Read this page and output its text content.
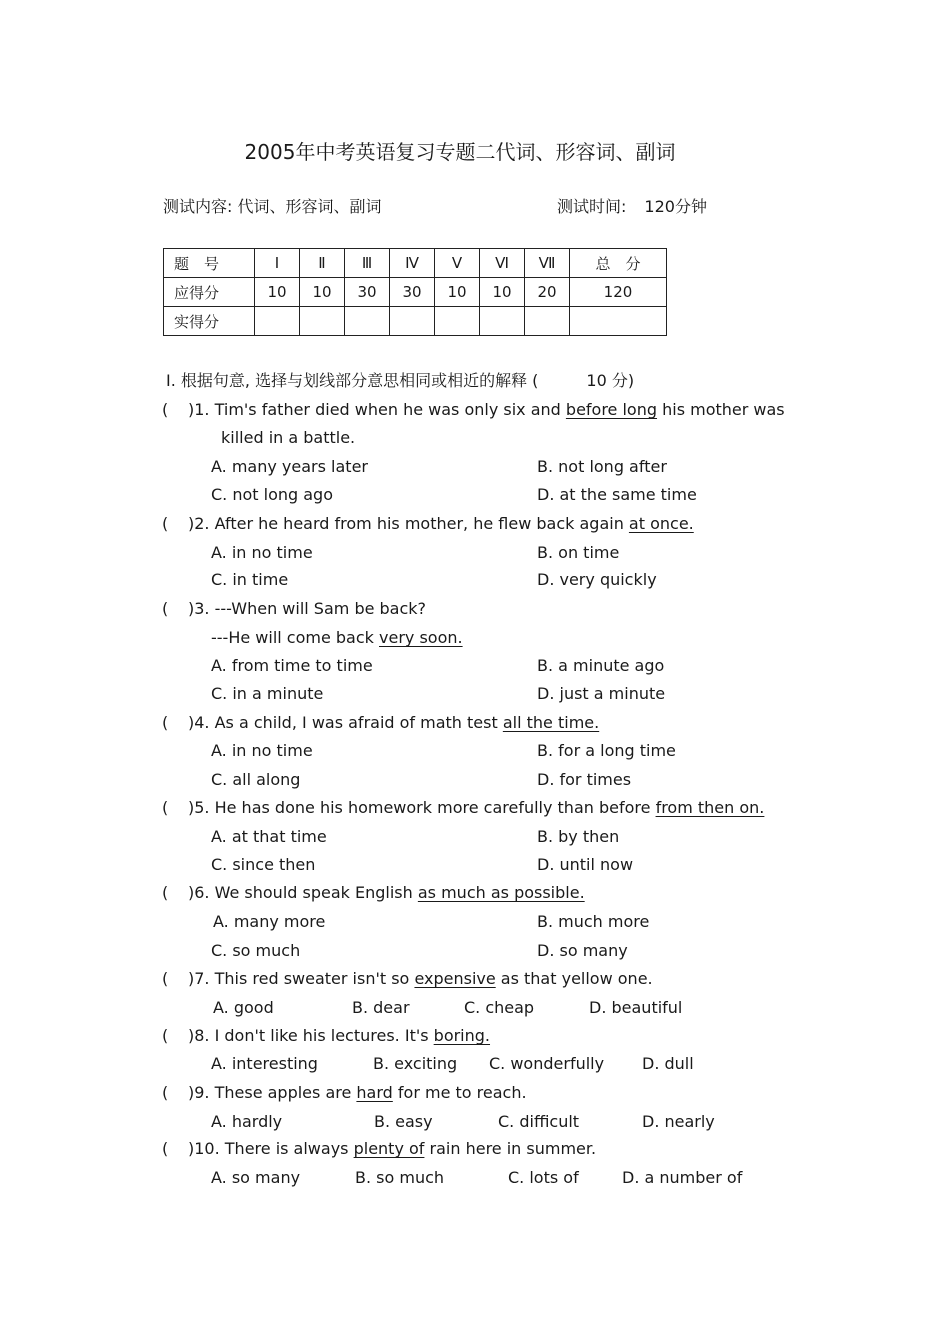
2005年中考英语复习专题二代词、形容词、副词
测试内容: 代词、形容词、副词	测试时间: 120分钟
题　号	Ⅰ	Ⅱ	Ⅲ	Ⅳ	Ⅴ	Ⅵ	Ⅶ	总　分
应得分	10	10	30	30	10	10	20	120
实得分								
Ⅰ. 根据句意, 选择与划线部分意思相同或相近的解释 (	10 分)
( )1. Tim's father died when he was only six and before long his mother was
killed in a battle.
A. many years later	B. not long after
C. not long ago	D. at the same time
( )2. After he heard from his mother, he flew back again at once.
A. in no time	B. on time
C. in time	D. very quickly
( )3. ---When will Sam be back?
---He will come back very soon.
A. from time to time	B. a minute ago
C. in a minute	D. just a minute
( )4. As a child, I was afraid of math test all the time.
A. in no time	B. for a long time
C. all along	D. for times
( )5. He has done his homework more carefully than before from then on.
A. at that time	B. by then
C. since then	D. until now
( )6. We should speak English as much as possible.
A. many more	B. much more
C. so much	D. so many
( )7. This red sweater isn't so expensive as that yellow one.
A. good	B. dear	C. cheap	D. beautiful
( )8. I don't like his lectures. It's boring.
A. interesting	B. exciting C. wonderfully D. dull
( )9. These apples are hard for me to reach.
A. hardly	B. easy	C. difficult	D. nearly
( )10. There is always plenty of rain here in summer.
A. so many	B. so much	C. lots of	D. a number of
